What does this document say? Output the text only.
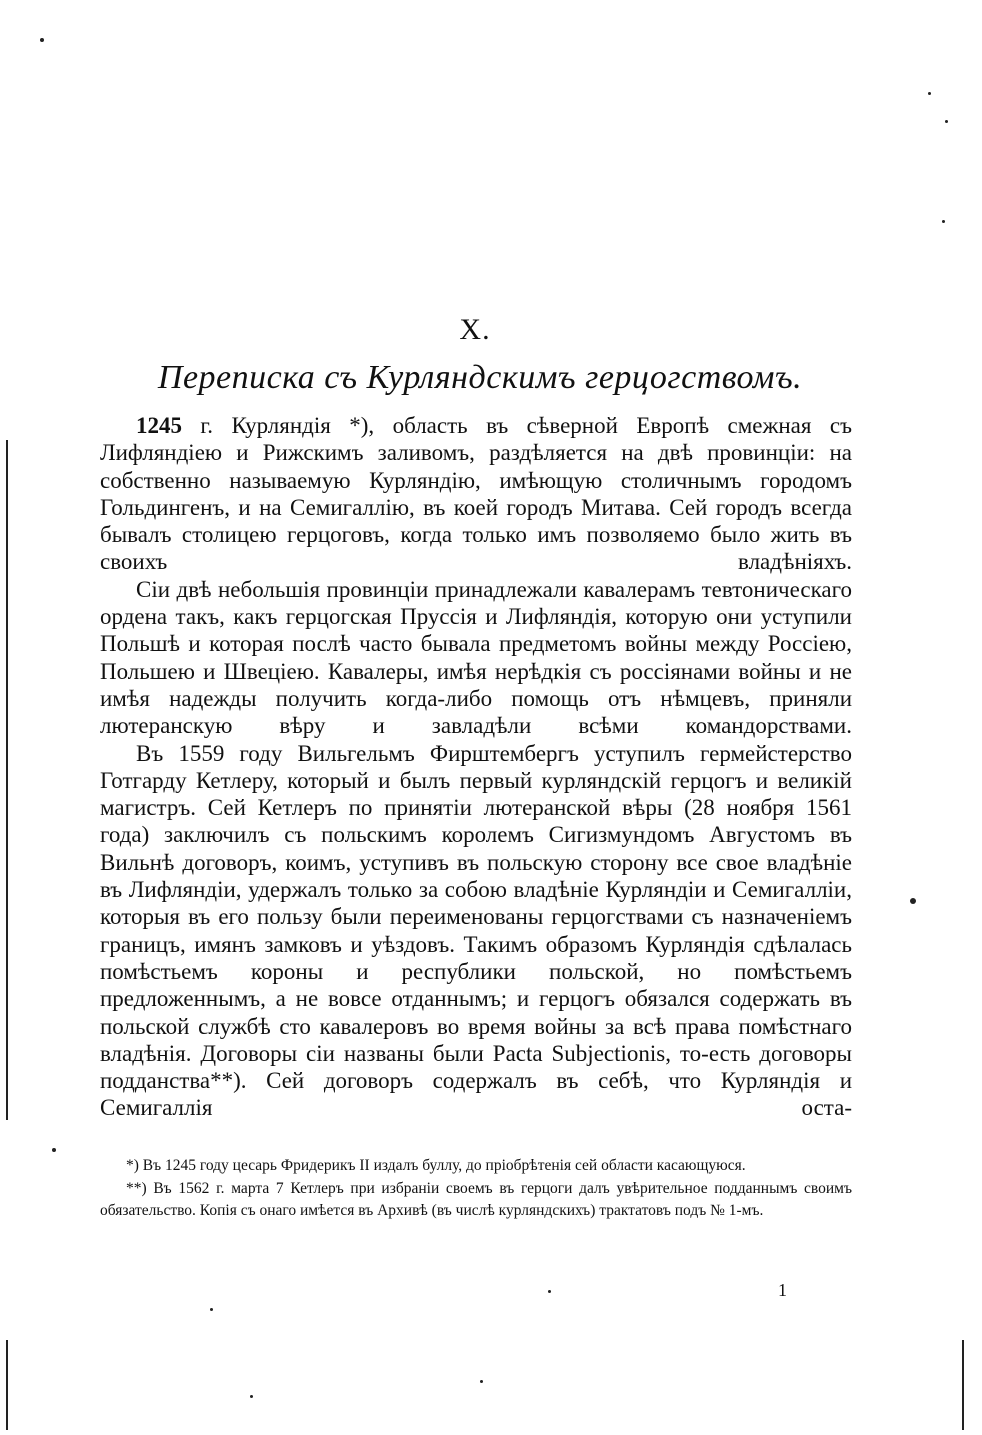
X.
Переписка съ Курляндскимъ герцогствомъ.

1245 г. Курляндія *), область въ сѣверной Европѣ смежная съ Лифляндіею и Рижскимъ заливомъ, раздѣляется на двѣ провинціи: на собственно называемую Курляндію, имѣющую столичнымъ городомъ Гольдингенъ, и на Семигаллію, въ коей городъ Митава. Сей городъ всегда бывалъ столицею герцоговъ, когда только имъ позволяемо было жить въ своихъ владѣніяхъ.

Сіи двѣ небольшія провинціи принадлежали кавалерамъ тевтоническаго ордена такъ, какъ герцогская Пруссія и Лифляндія, которую они уступили Польшѣ и которая послѣ часто бывала предметомъ войны между Россіею, Польшею и Швеціею. Кавалеры, имѣя нерѣдкія съ россіянами войны и не имѣя надежды получить когда-либо помощь отъ нѣмцевъ, приняли лютеранскую вѣру и завладѣли всѣми командорствами.

Въ 1559 году Вильгельмъ Фирштембергъ уступилъ гермейстерство Готгарду Кетлеру, который и былъ первый курляндскій герцогъ и великій магистръ. Сей Кетлеръ по принятіи лютеранской вѣры (28 ноября 1561 года) заключилъ съ польскимъ королемъ Сигизмундомъ Августомъ въ Вильнѣ договоръ, коимъ, уступивъ въ польскую сторону все свое владѣніе въ Лифляндіи, удержалъ только за собою владѣніе Курляндіи и Семигалліи, которыя въ его пользу были переименованы герцогствами съ назначеніемъ границъ, имянъ замковъ и уѣздовъ. Такимъ образомъ Курляндія сдѣлалась помѣстьемъ короны и республики польской, но помѣстьемъ предложеннымъ, а не вовсе отданнымъ; и герцогъ обязался содержать въ польской службѣ сто кавалеровъ во время войны за всѣ права помѣстнаго владѣнія. Договоры сіи названы были Pacta Subjectionis, то-есть договоры подданства**). Сей договоръ содержалъ въ себѣ, что Курляндія и Семигаллія оста-

*) Въ 1245 году цесарь Фридерикъ II издалъ буллу, до пріобрѣтенія сей области касающуюся.

**) Въ 1562 г. марта 7 Кетлеръ при избраніи своемъ въ герцоги далъ увѣрительное подданнымъ своимъ обязательство. Копія съ онаго имѣется въ Архивѣ (въ числѣ курляндскихъ) трактатовъ подъ № 1-мъ.

1
